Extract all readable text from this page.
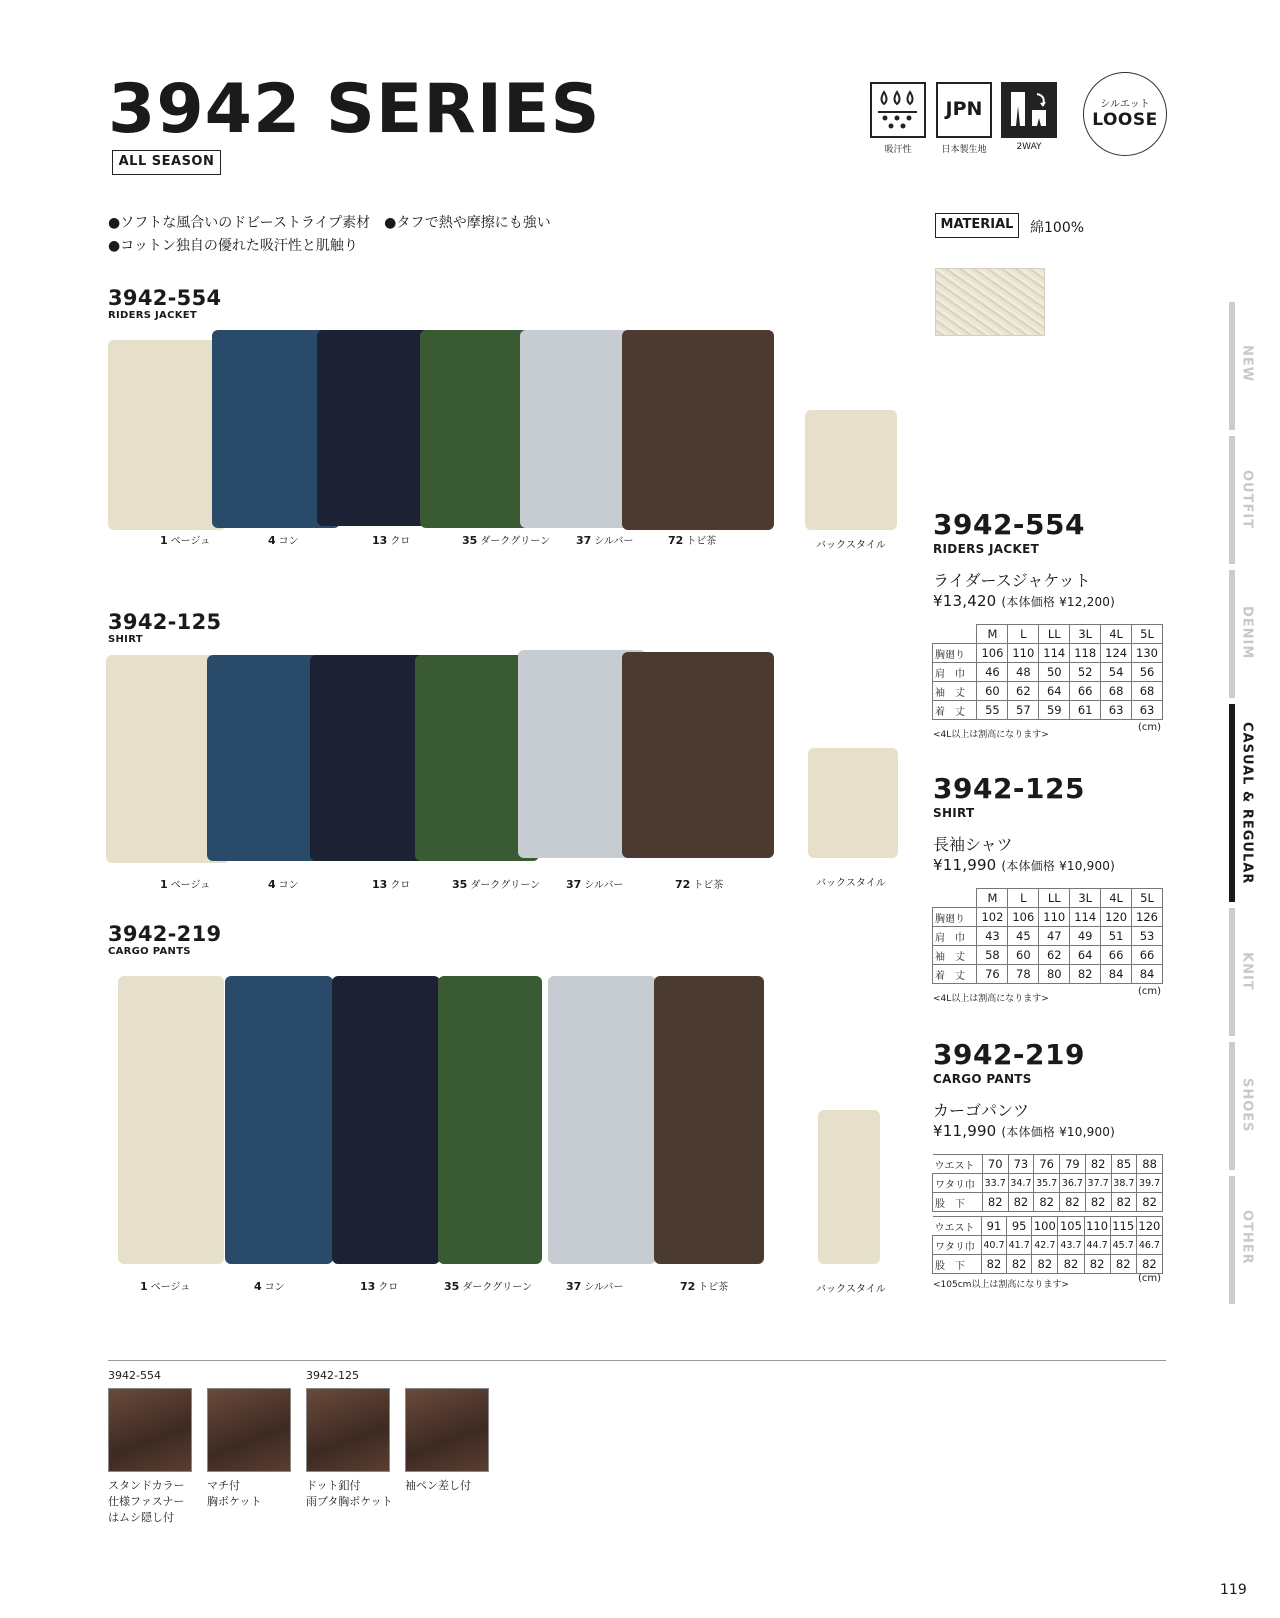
3942 SERIES
ALL SEASON
JPN
吸汗性	日本製生地	2WAY
シルエット
LOOSE
●ソフトな風合いのドビーストライプ素材　●タフで熱や摩擦にも強い
●コットン独自の優れた吸汗性と肌触り
MATERIAL	綿100%
3942-554
RIDERS JACKET
1 ベージュ	4 コン	13 クロ	35 ダークグリーン 37 シルバー	72 トビ茶	バックスタイル
3942-125
SHIRT
1 ベージュ	4 コン	13 クロ	35 ダークグリーン 37 シルバー	72 トビ茶	バックスタイル
3942-219
CARGO PANTS
1 ベージュ	4 コン	13 クロ	35 ダークグリーン	37 シルバー	72 トビ茶	バックスタイル
3942-554
RIDERS JACKET
ライダースジャケット
¥13,420 (本体価格 ¥12,200)
	M	L	LL	3L	4L	5L
胸廻り	106	110	114	118	124	130
肩　巾	46	48	50	52	54	56
袖　丈	60	62	64	66	68	68
着　丈	55	57	59	61	63	63
<4L以上は割高になります>
(cm)
3942-125
SHIRT
長袖シャツ
¥11,990 (本体価格 ¥10,900)
	M	L	LL	3L	4L	5L
胸廻り	102	106	110	114	120	126
肩　巾	43	45	47	49	51	53
袖　丈	58	60	62	64	66	66
着　丈	76	78	80	82	84	84
<4L以上は割高になります>
(cm)
3942-219
CARGO PANTS
カーゴパンツ
¥11,990 (本体価格 ¥10,900)
ウエスト	70	73	76	79	82	85	88
ワタリ巾	33.7	34.7	35.7	36.7	37.7	38.7	39.7
股　下	82	82	82	82	82	82	82
ウエスト	91	95	100	105	110	115	120
ワタリ巾	40.7	41.7	42.7	43.7	44.7	45.7	46.7
股　下	82	82	82	82	82	82	82
<105cm以上は割高になります>
(cm)
NEW
OUTFIT
DENIM
CASUAL & REGULAR
KNIT
SHOES
OTHER
3942-554	3942-125
スタンドカラー
仕様ファスナー
はムシ隠し付
マチ付
胸ポケット
ドット釦付
雨ブタ胸ポケット
袖ペン差し付
119
